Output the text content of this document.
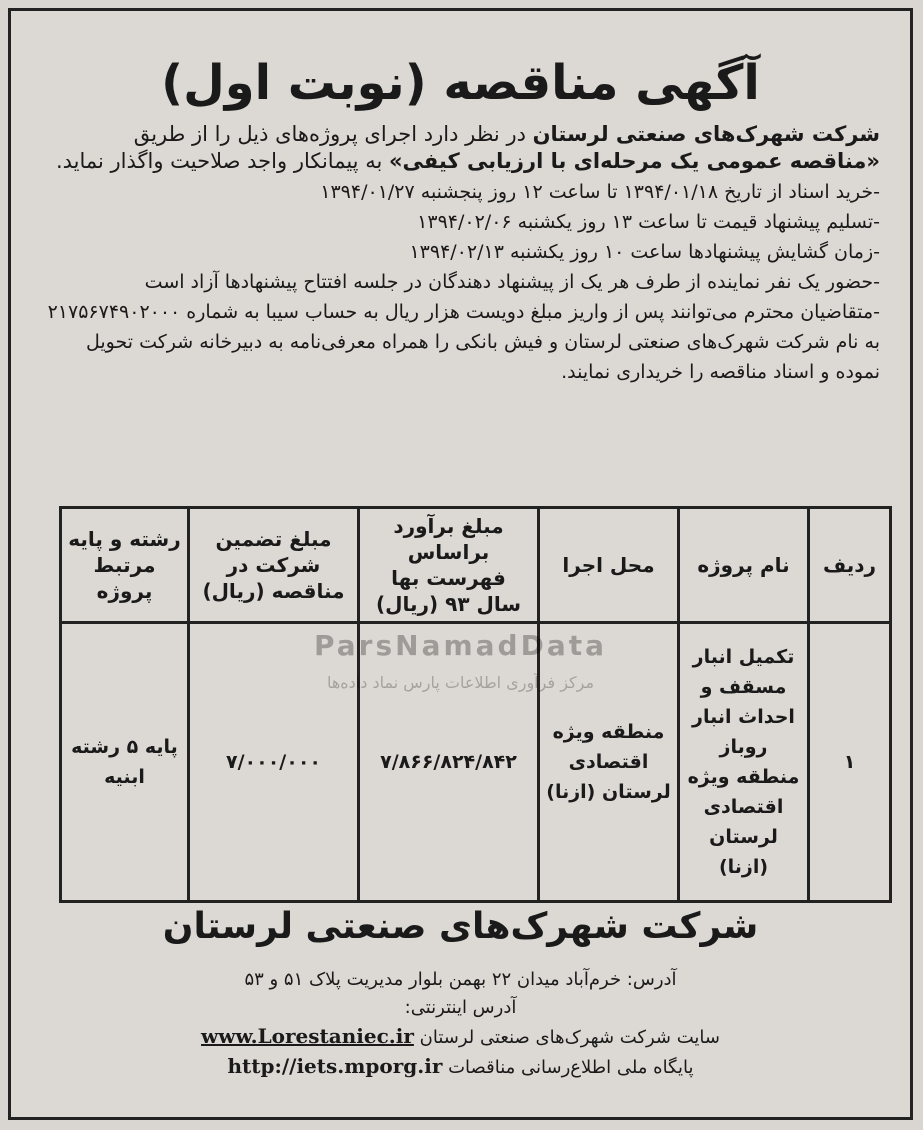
آگهی مناقصه (نوبت اول)
شرکت شهرک‌های صنعتی لرستان در نظر دارد اجرای پروژه‌های ذیل را از طریق «مناقصه عمومی یک مرحله‌ای با ارزیابی کیفی» به پیمانکار واجد صلاحیت واگذار نماید.
-خرید اسناد از تاریخ ۱۳۹۴/۰۱/۱۸ تا ساعت ۱۲ روز پنجشنبه ۱۳۹۴/۰۱/۲۷
-تسلیم پیشنهاد قیمت تا ساعت ۱۳ روز یکشنبه ۱۳۹۴/۰۲/۰۶
-زمان گشایش پیشنهادها ساعت ۱۰ روز یکشنبه ۱۳۹۴/۰۲/۱۳
-حضور یک نفر نماینده از طرف هر یک از پیشنهاد دهندگان در جلسه افتتاح پیشنهادها آزاد است
-متقاضیان محترم می‌توانند پس از واریز مبلغ دویست هزار ریال به حساب سیبا به شماره ۲۱۷۵۶۷۴۹۰۲۰۰۰ به نام شرکت شهرک‌های صنعتی لرستان و فیش بانکی را همراه معرفی‌نامه به دبیرخانه شرکت تحویل نموده و اسناد مناقصه را خریداری نمایند.
ردیف	نام پروژه	محل اجرا	مبلغ برآورد براساس فهرست بها سال ۹۳ (ریال)	مبلغ تضمین شرکت در مناقصه (ریال)	رشته و پایه مرتبط پروژه
۱	تکمیل انبار مسقف و احداث انبار روباز منطقه ویژه اقتصادی لرستان (ازنا)	منطقه ویژه اقتصادی لرستان (ازنا)	۷/۸۶۶/۸۲۴/۸۴۲	۷/۰۰۰/۰۰۰	پایه ۵ رشته ابنیه
ParsNamadData
مرکز فرآوری اطلاعات پارس نماد داده‌ها
شرکت شهرک‌های صنعتی لرستان
آدرس: خرم‌آباد میدان ۲۲ بهمن بلوار مدیریت پلاک ۵۱ و ۵۳
آدرس اینترنتی:
سایت شرکت شهرک‌های صنعتی لرستان www.Lorestaniec.ir
پایگاه ملی اطلاع‌رسانی مناقصات http://iets.mporg.ir
